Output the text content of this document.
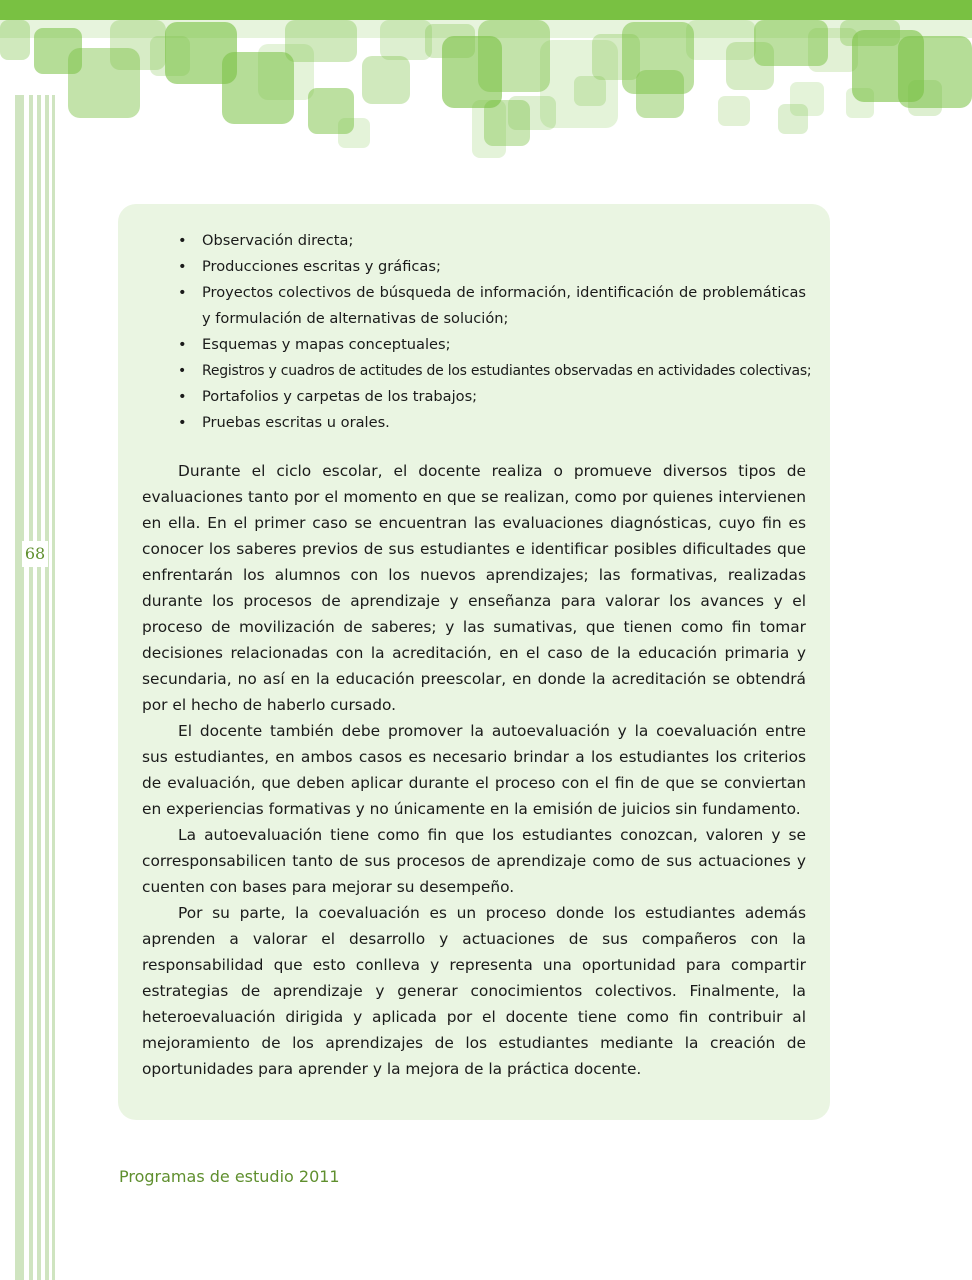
68
• Observación directa;
• Producciones escritas y gráficas;
• Proyectos colectivos de búsqueda de información, identificación de problemáticas y formulación de alternativas de solución;
• Esquemas y mapas conceptuales;
• Registros y cuadros de actitudes de los estudiantes observadas en actividades colectivas;
• Portafolios y carpetas de los trabajos;
• Pruebas escritas u orales.

Durante el ciclo escolar, el docente realiza o promueve diversos tipos de evaluaciones tanto por el momento en que se realizan, como por quienes intervienen en ella. En el primer caso se encuentran las evaluaciones diagnósticas, cuyo fin es conocer los saberes previos de sus estudiantes e identificar posibles dificultades que enfrentarán los alumnos con los nuevos aprendizajes; las formativas, realizadas durante los procesos de aprendizaje y enseñanza para valorar los avances y el proceso de movilización de saberes; y las sumativas, que tienen como fin tomar decisiones relacionadas con la acreditación, en el caso de la educación primaria y secundaria, no así en la educación preescolar, en donde la acreditación se obtendrá por el hecho de haberlo cursado.

El docente también debe promover la autoevaluación y la coevaluación entre sus estudiantes, en ambos casos es necesario brindar a los estudiantes los criterios de evaluación, que deben aplicar durante el proceso con el fin de que se conviertan en experiencias formativas y no únicamente en la emisión de juicios sin fundamento.

La autoevaluación tiene como fin que los estudiantes conozcan, valoren y se corresponsabilicen tanto de sus procesos de aprendizaje como de sus actuaciones y cuenten con bases para mejorar su desempeño.

Por su parte, la coevaluación es un proceso donde los estudiantes además aprenden a valorar el desarrollo y actuaciones de sus compañeros con la responsabilidad que esto conlleva y representa una oportunidad para compartir estrategias de aprendizaje y generar conocimientos colectivos. Finalmente, la heteroevaluación dirigida y aplicada por el docente tiene como fin contribuir al mejoramiento de los aprendizajes de los estudiantes mediante la creación de oportunidades para aprender y la mejora de la práctica docente.

Programas de estudio 2011
